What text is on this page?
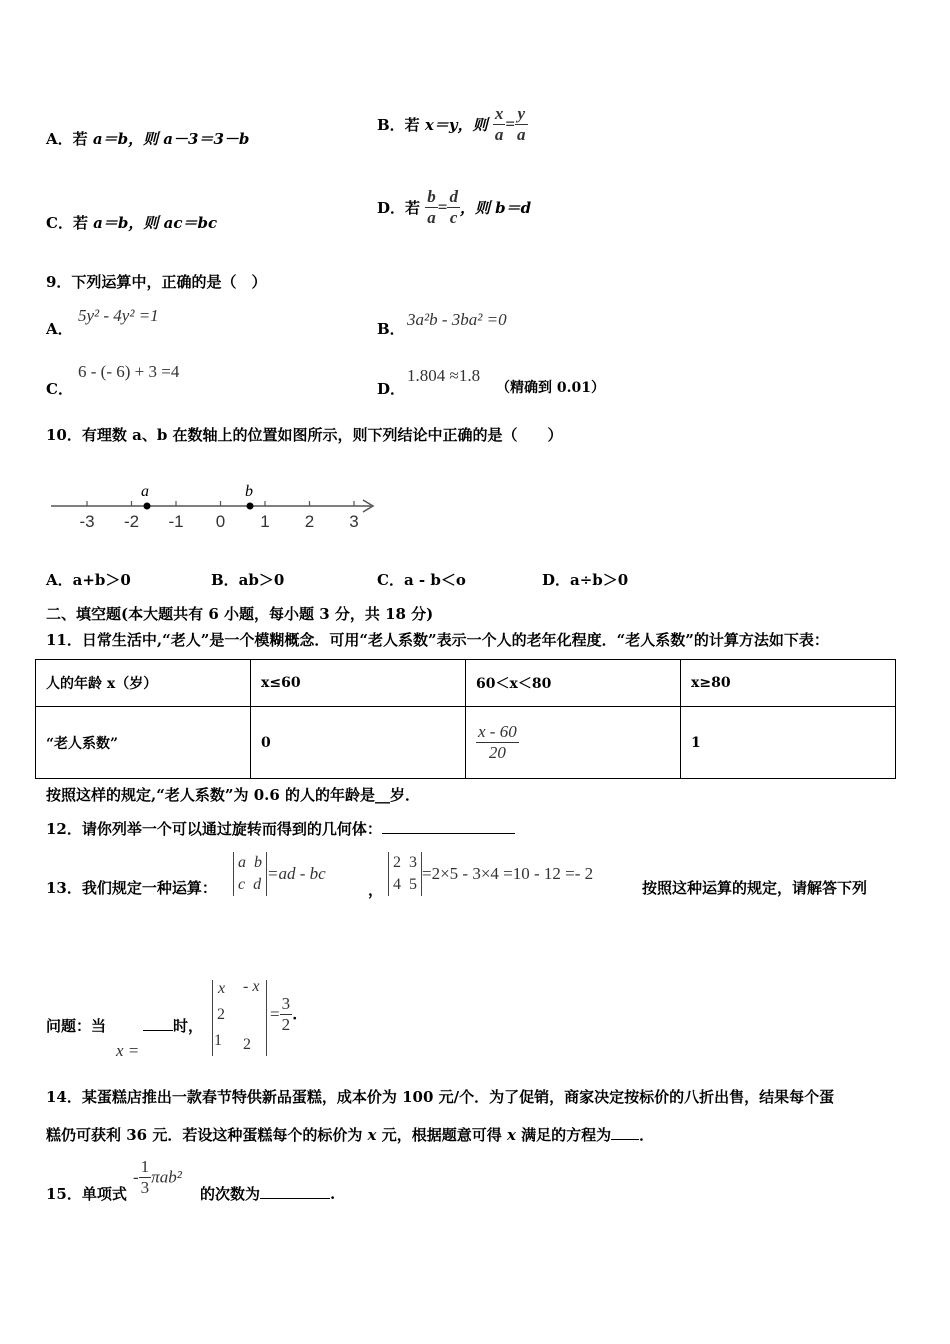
A．若 a＝b，则 a－3＝3－b
B．若 x＝y，则 $\frac{x}{a} = \frac{y}{a}$
C．若 a＝b，则 ac＝bc
D．若 $\frac{b}{a} = \frac{d}{c}$ ，则 b＝d
9．下列运算中，正确的是（　）
A．
5y² - 4y² =1
B． 3a²b - 3ba² =0
C．
6 - (- 6) + 3 =4
D．
1.804 ≈1.8
（精确到 0.01）
10．有理数 a、b 在数轴上的位置如图所示，则下列结论中正确的是（　　）
-3 -2 -1 0 1 2 3
a	b
A．a+b＞0	B．ab＞0	C．a - b＜o	D．a÷b＞0
二、填空题(本大题共有 6 小题，每小题 3 分，共 18 分)
11．日常生活中,“老人”是一个模糊概念．可用“老人系数”表示一个人的老年化程度．“老人系数”的计算方法如下表：
人的年龄 x（岁）	x≤60	60＜x＜80	x≥80
“老人系数”	0	$\frac{x - 60}{20}$	1
按照这样的规定,“老人系数”为 0.6 的人的年龄是__岁．
12．请你列举一个可以通过旋转而得到的几何体：
13．我们规定一种运算：
a b
c d=ad - bc
，
2 3
4 5=2×5 - 3×4 =10 - 12 =- 2
按照这种运算的规定，请解答下列
问题：当
x =
时，
x - x
2
1 2
= $\frac{3}{2}$ .
14．某蛋糕店推出一款春节特供新品蛋糕，成本价为 100 元/个．为了促销，商家决定按标价的八折出售，结果每个蛋
糕仍可获利 36 元．若设这种蛋糕每个的标价为 x 元，根据题意可得 x 满足的方程为 ．
15．单项式
- $\frac{1}{3} \pi ab^2$
的次数为	.
